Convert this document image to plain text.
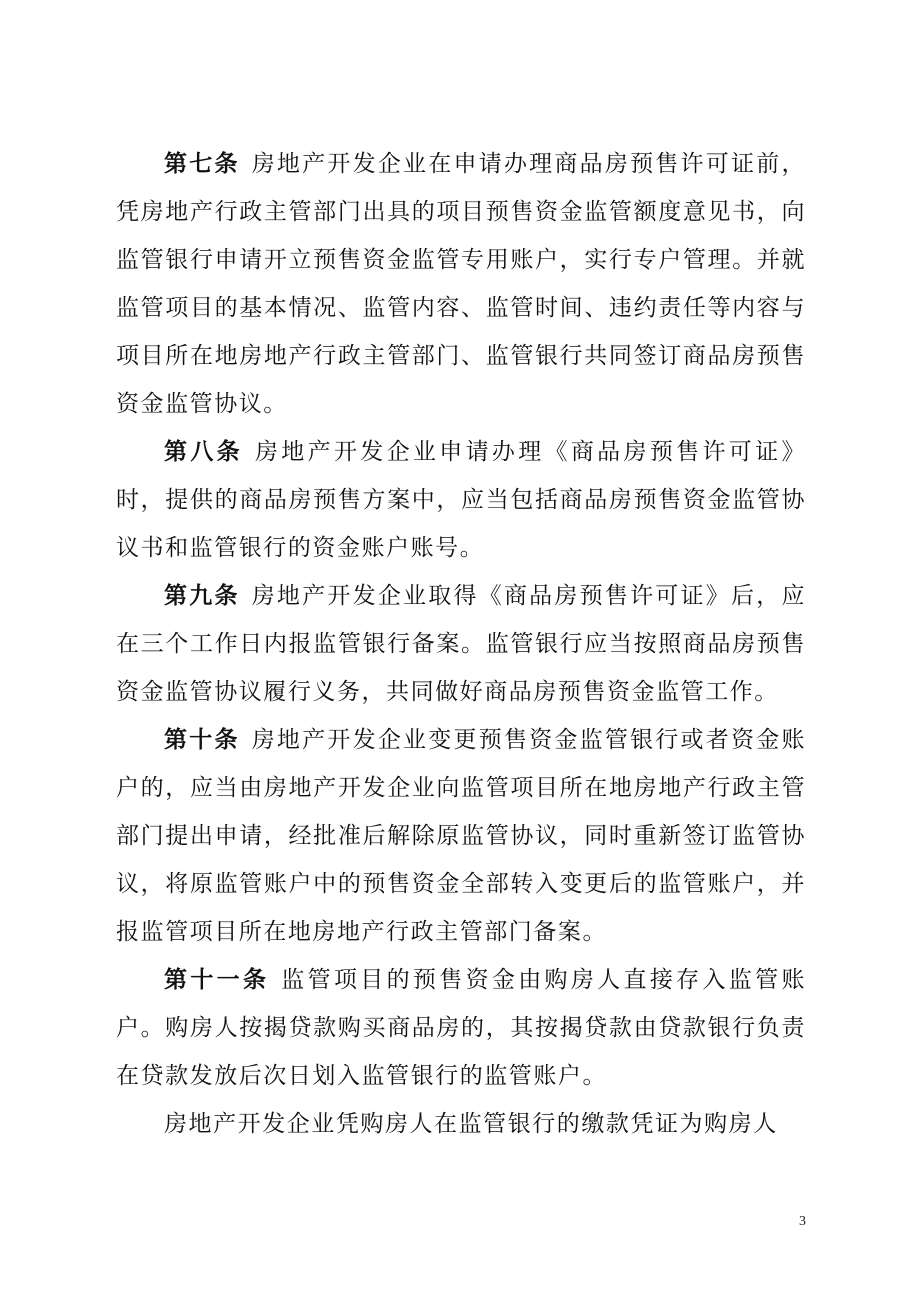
第七条 房地产开发企业在申请办理商品房预售许可证前，凭房地产行政主管部门出具的项目预售资金监管额度意见书，向监管银行申请开立预售资金监管专用账户，实行专户管理。并就监管项目的基本情况、监管内容、监管时间、违约责任等内容与项目所在地房地产行政主管部门、监管银行共同签订商品房预售资金监管协议。

第八条 房地产开发企业申请办理《商品房预售许可证》时，提供的商品房预售方案中，应当包括商品房预售资金监管协议书和监管银行的资金账户账号。

第九条 房地产开发企业取得《商品房预售许可证》后，应在三个工作日内报监管银行备案。监管银行应当按照商品房预售资金监管协议履行义务，共同做好商品房预售资金监管工作。

第十条 房地产开发企业变更预售资金监管银行或者资金账户的，应当由房地产开发企业向监管项目所在地房地产行政主管部门提出申请，经批准后解除原监管协议，同时重新签订监管协议，将原监管账户中的预售资金全部转入变更后的监管账户，并报监管项目所在地房地产行政主管部门备案。

第十一条 监管项目的预售资金由购房人直接存入监管账户。购房人按揭贷款购买商品房的，其按揭贷款由贷款银行负责在贷款发放后次日划入监管银行的监管账户。

房地产开发企业凭购房人在监管银行的缴款凭证为购房人

3
